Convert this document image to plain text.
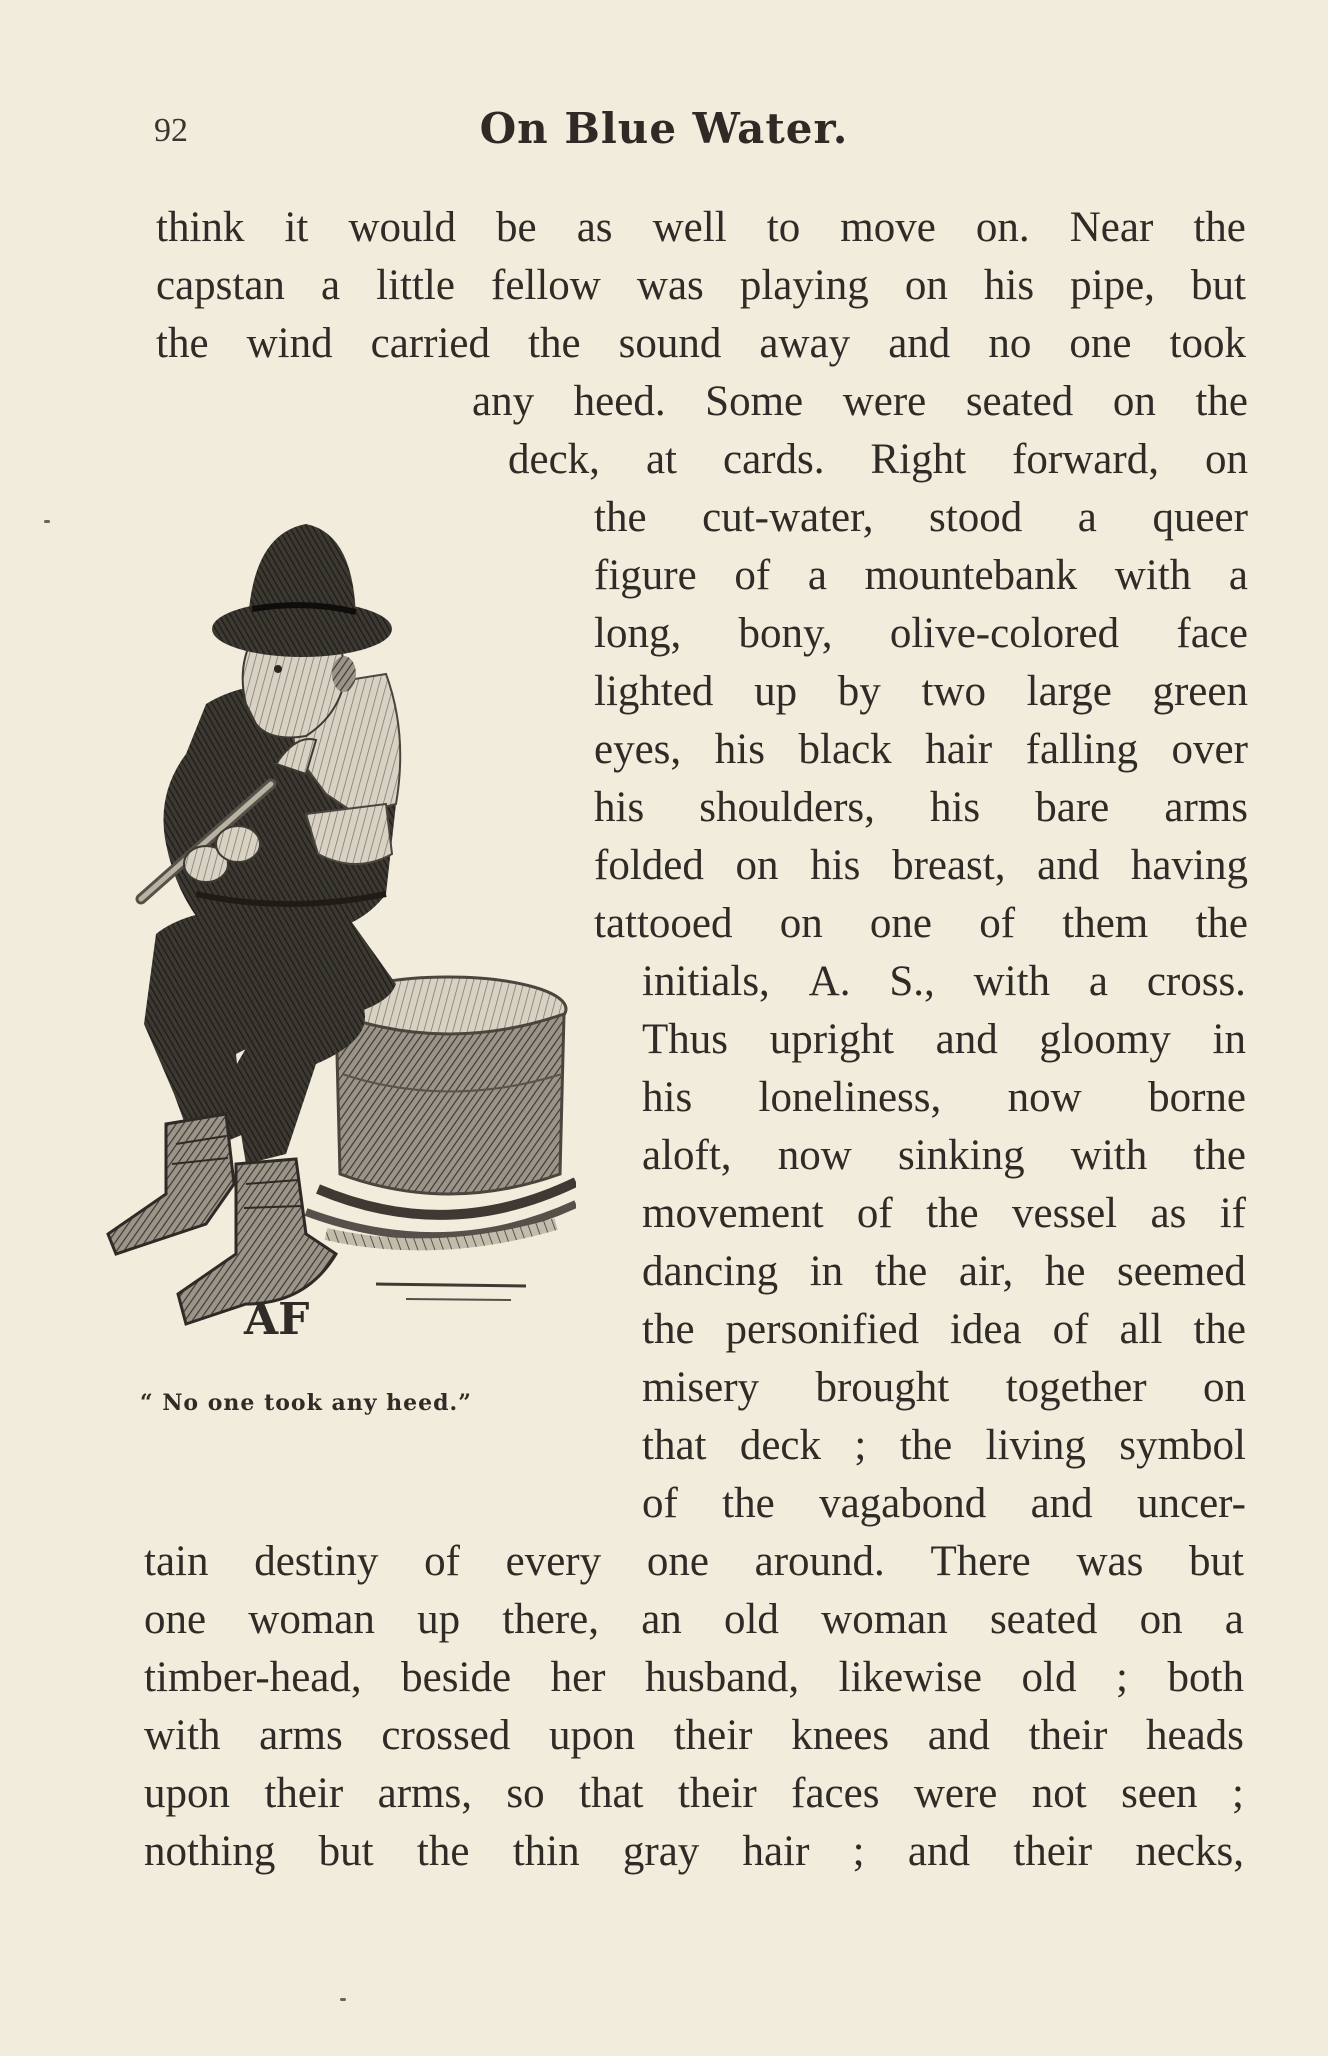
92	On Blue Water.
think it would be as well to move on. Near the
capstan a little fellow was playing on his pipe, but
the wind carried the sound away and no one took
any heed. Some were seated on the
deck, at cards. Right forward, on
the cut-water, stood a queer
figure of a mountebank with a
long, bony, olive-colored face
lighted up by two large green
eyes, his black hair falling over
his shoulders, his bare arms
folded on his breast, and having
tattooed on one of them the
initials, A. S., with a cross.
Thus upright and gloomy in
his loneliness, now borne
aloft, now sinking with the
movement of the vessel as if
dancing in the air, he seemed
the personified idea of all the
misery brought together on
that deck ; the living symbol
of the vagabond and uncer-
tain destiny of every one around. There was but
one woman up there, an old woman seated on a
timber-head, beside her husband, likewise old ; both
with arms crossed upon their knees and their heads
upon their arms, so that their faces were not seen ;
nothing but the thin gray hair ; and their necks,
AF
“ No one took any heed.”
